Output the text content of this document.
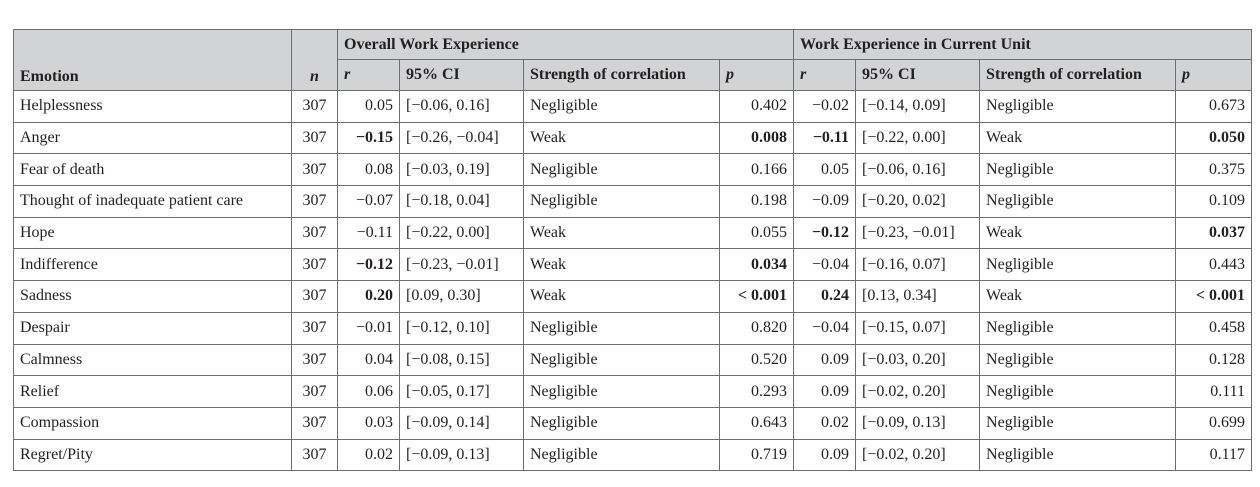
Emotion	n	Overall Work Experience				Work Experience in Current Unit			
		r	95% CI	Strength of correlation	p	r	95% CI	Strength of correlation	p
Helplessness	307	0.05	[−0.06, 0.16]	Negligible	0.402	−0.02	[−0.14, 0.09]	Negligible	0.673
Anger	307	−0.15	[−0.26, −0.04]	Weak	0.008	−0.11	[−0.22, 0.00]	Weak	0.050
Fear of death	307	0.08	[−0.03, 0.19]	Negligible	0.166	0.05	[−0.06, 0.16]	Negligible	0.375
Thought of inadequate patient care	307	−0.07	[−0.18, 0.04]	Negligible	0.198	−0.09	[−0.20, 0.02]	Negligible	0.109
Hope	307	−0.11	[−0.22, 0.00]	Weak	0.055	−0.12	[−0.23, −0.01]	Weak	0.037
Indifference	307	−0.12	[−0.23, −0.01]	Weak	0.034	−0.04	[−0.16, 0.07]	Negligible	0.443
Sadness	307	0.20	[0.09, 0.30]	Weak	< 0.001	0.24	[0.13, 0.34]	Weak	< 0.001
Despair	307	−0.01	[−0.12, 0.10]	Negligible	0.820	−0.04	[−0.15, 0.07]	Negligible	0.458
Calmness	307	0.04	[−0.08, 0.15]	Negligible	0.520	0.09	[−0.03, 0.20]	Negligible	0.128
Relief	307	0.06	[−0.05, 0.17]	Negligible	0.293	0.09	[−0.02, 0.20]	Negligible	0.111
Compassion	307	0.03	[−0.09, 0.14]	Negligible	0.643	0.02	[−0.09, 0.13]	Negligible	0.699
Regret/Pity	307	0.02	[−0.09, 0.13]	Negligible	0.719	0.09	[−0.02, 0.20]	Negligible	0.117
